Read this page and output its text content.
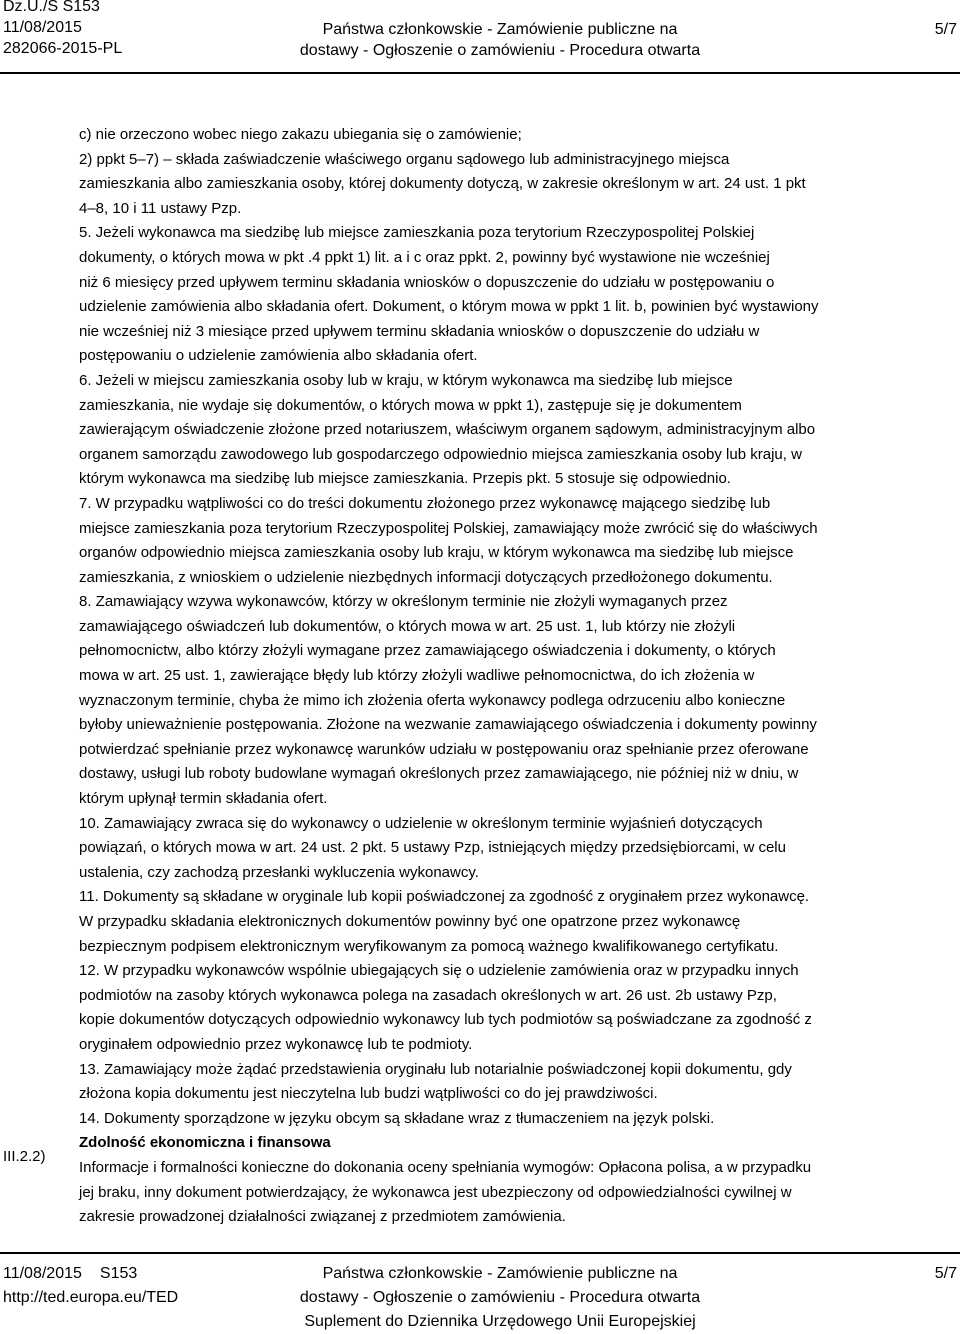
Dz.U./S S153
11/08/2015
282066-2015-PL
Państwa członkowskie - Zamówienie publiczne na
dostawy - Ogłoszenie o zamówieniu - Procedura otwarta
5/7

c) nie orzeczono wobec niego zakazu ubiegania się o zamówienie;
2) ppkt 5–7) – składa zaświadczenie właściwego organu sądowego lub administracyjnego miejsca
zamieszkania albo zamieszkania osoby, której dokumenty dotyczą, w zakresie określonym w art. 24 ust. 1 pkt
4–8, 10 i 11 ustawy Pzp.

5. Jeżeli wykonawca ma siedzibę lub miejsce zamieszkania poza terytorium Rzeczypospolitej Polskiej
dokumenty, o których mowa w pkt .4 ppkt 1) lit. a i c oraz ppkt. 2, powinny być wystawione nie wcześniej
niż 6 miesięcy przed upływem terminu składania wniosków o dopuszczenie do udziału w postępowaniu o
udzielenie zamówienia albo składania ofert. Dokument, o którym mowa w ppkt 1 lit. b, powinien być wystawiony
nie wcześniej niż 3 miesiące przed upływem terminu składania wniosków o dopuszczenie do udziału w
postępowaniu o udzielenie zamówienia albo składania ofert.

6. Jeżeli w miejscu zamieszkania osoby lub w kraju, w którym wykonawca ma siedzibę lub miejsce
zamieszkania, nie wydaje się dokumentów, o których mowa w ppkt 1), zastępuje się je dokumentem
zawierającym oświadczenie złożone przed notariuszem, właściwym organem sądowym, administracyjnym albo
organem samorządu zawodowego lub gospodarczego odpowiednio miejsca zamieszkania osoby lub kraju, w
którym wykonawca ma siedzibę lub miejsce zamieszkania. Przepis pkt. 5 stosuje się odpowiednio.

7. W przypadku wątpliwości co do treści dokumentu złożonego przez wykonawcę mającego siedzibę lub
miejsce zamieszkania poza terytorium Rzeczypospolitej Polskiej, zamawiający może zwrócić się do właściwych
organów odpowiednio miejsca zamieszkania osoby lub kraju, w którym wykonawca ma siedzibę lub miejsce
zamieszkania, z wnioskiem o udzielenie niezbędnych informacji dotyczących przedłożonego dokumentu.

8. Zamawiający wzywa wykonawców, którzy w określonym terminie nie złożyli wymaganych przez
zamawiającego oświadczeń lub dokumentów, o których mowa w art. 25 ust. 1, lub którzy nie złożyli
pełnomocnictw, albo którzy złożyli wymagane przez zamawiającego oświadczenia i dokumenty, o których
mowa w art. 25 ust. 1, zawierające błędy lub którzy złożyli wadliwe pełnomocnictwa, do ich złożenia w
wyznaczonym terminie, chyba że mimo ich złożenia oferta wykonawcy podlega odrzuceniu albo konieczne
byłoby unieważnienie postępowania. Złożone na wezwanie zamawiającego oświadczenia i dokumenty powinny
potwierdzać spełnianie przez wykonawcę warunków udziału w postępowaniu oraz spełnianie przez oferowane
dostawy, usługi lub roboty budowlane wymagań określonych przez zamawiającego, nie później niż w dniu, w
którym upłynął termin składania ofert.

10. Zamawiający zwraca się do wykonawcy o udzielenie w określonym terminie wyjaśnień dotyczących
powiązań, o których mowa w art. 24 ust. 2 pkt. 5 ustawy Pzp, istniejących między przedsiębiorcami, w celu
ustalenia, czy zachodzą przesłanki wykluczenia wykonawcy.

11. Dokumenty są składane w oryginale lub kopii poświadczonej za zgodność z oryginałem przez wykonawcę.
W przypadku składania elektronicznych dokumentów powinny być one opatrzone przez wykonawcę
bezpiecznym podpisem elektronicznym weryfikowanym za pomocą ważnego kwalifikowanego certyfikatu.

12. W przypadku wykonawców wspólnie ubiegających się o udzielenie zamówienia oraz w przypadku innych
podmiotów na zasoby których wykonawca polega na zasadach określonych w art. 26 ust. 2b ustawy Pzp,
kopie dokumentów dotyczących odpowiednio wykonawcy lub tych podmiotów są poświadczane za zgodność z
oryginałem odpowiednio przez wykonawcę lub te podmioty.

13. Zamawiający może żądać przedstawienia oryginału lub notarialnie poświadczonej kopii dokumentu, gdy
złożona kopia dokumentu jest nieczytelna lub budzi wątpliwości co do jej prawdziwości.

14. Dokumenty sporządzone w języku obcym są składane wraz z tłumaczeniem na język polski.

Zdolność ekonomiczna i finansowa

Informacje i formalności konieczne do dokonania oceny spełniania wymogów: Opłacona polisa, a w przypadku
jej braku, inny dokument potwierdzający, że wykonawca jest ubezpieczony od odpowiedzialności cywilnej w
zakresie prowadzonej działalności związanej z przedmiotem zamówienia.

III.2.2)
11/08/2015 S153
http://ted.europa.eu/TED
Państwa członkowskie - Zamówienie publiczne na
dostawy - Ogłoszenie o zamówieniu - Procedura otwarta
Suplement do Dziennika Urzędowego Unii Europejskiej
5/7
